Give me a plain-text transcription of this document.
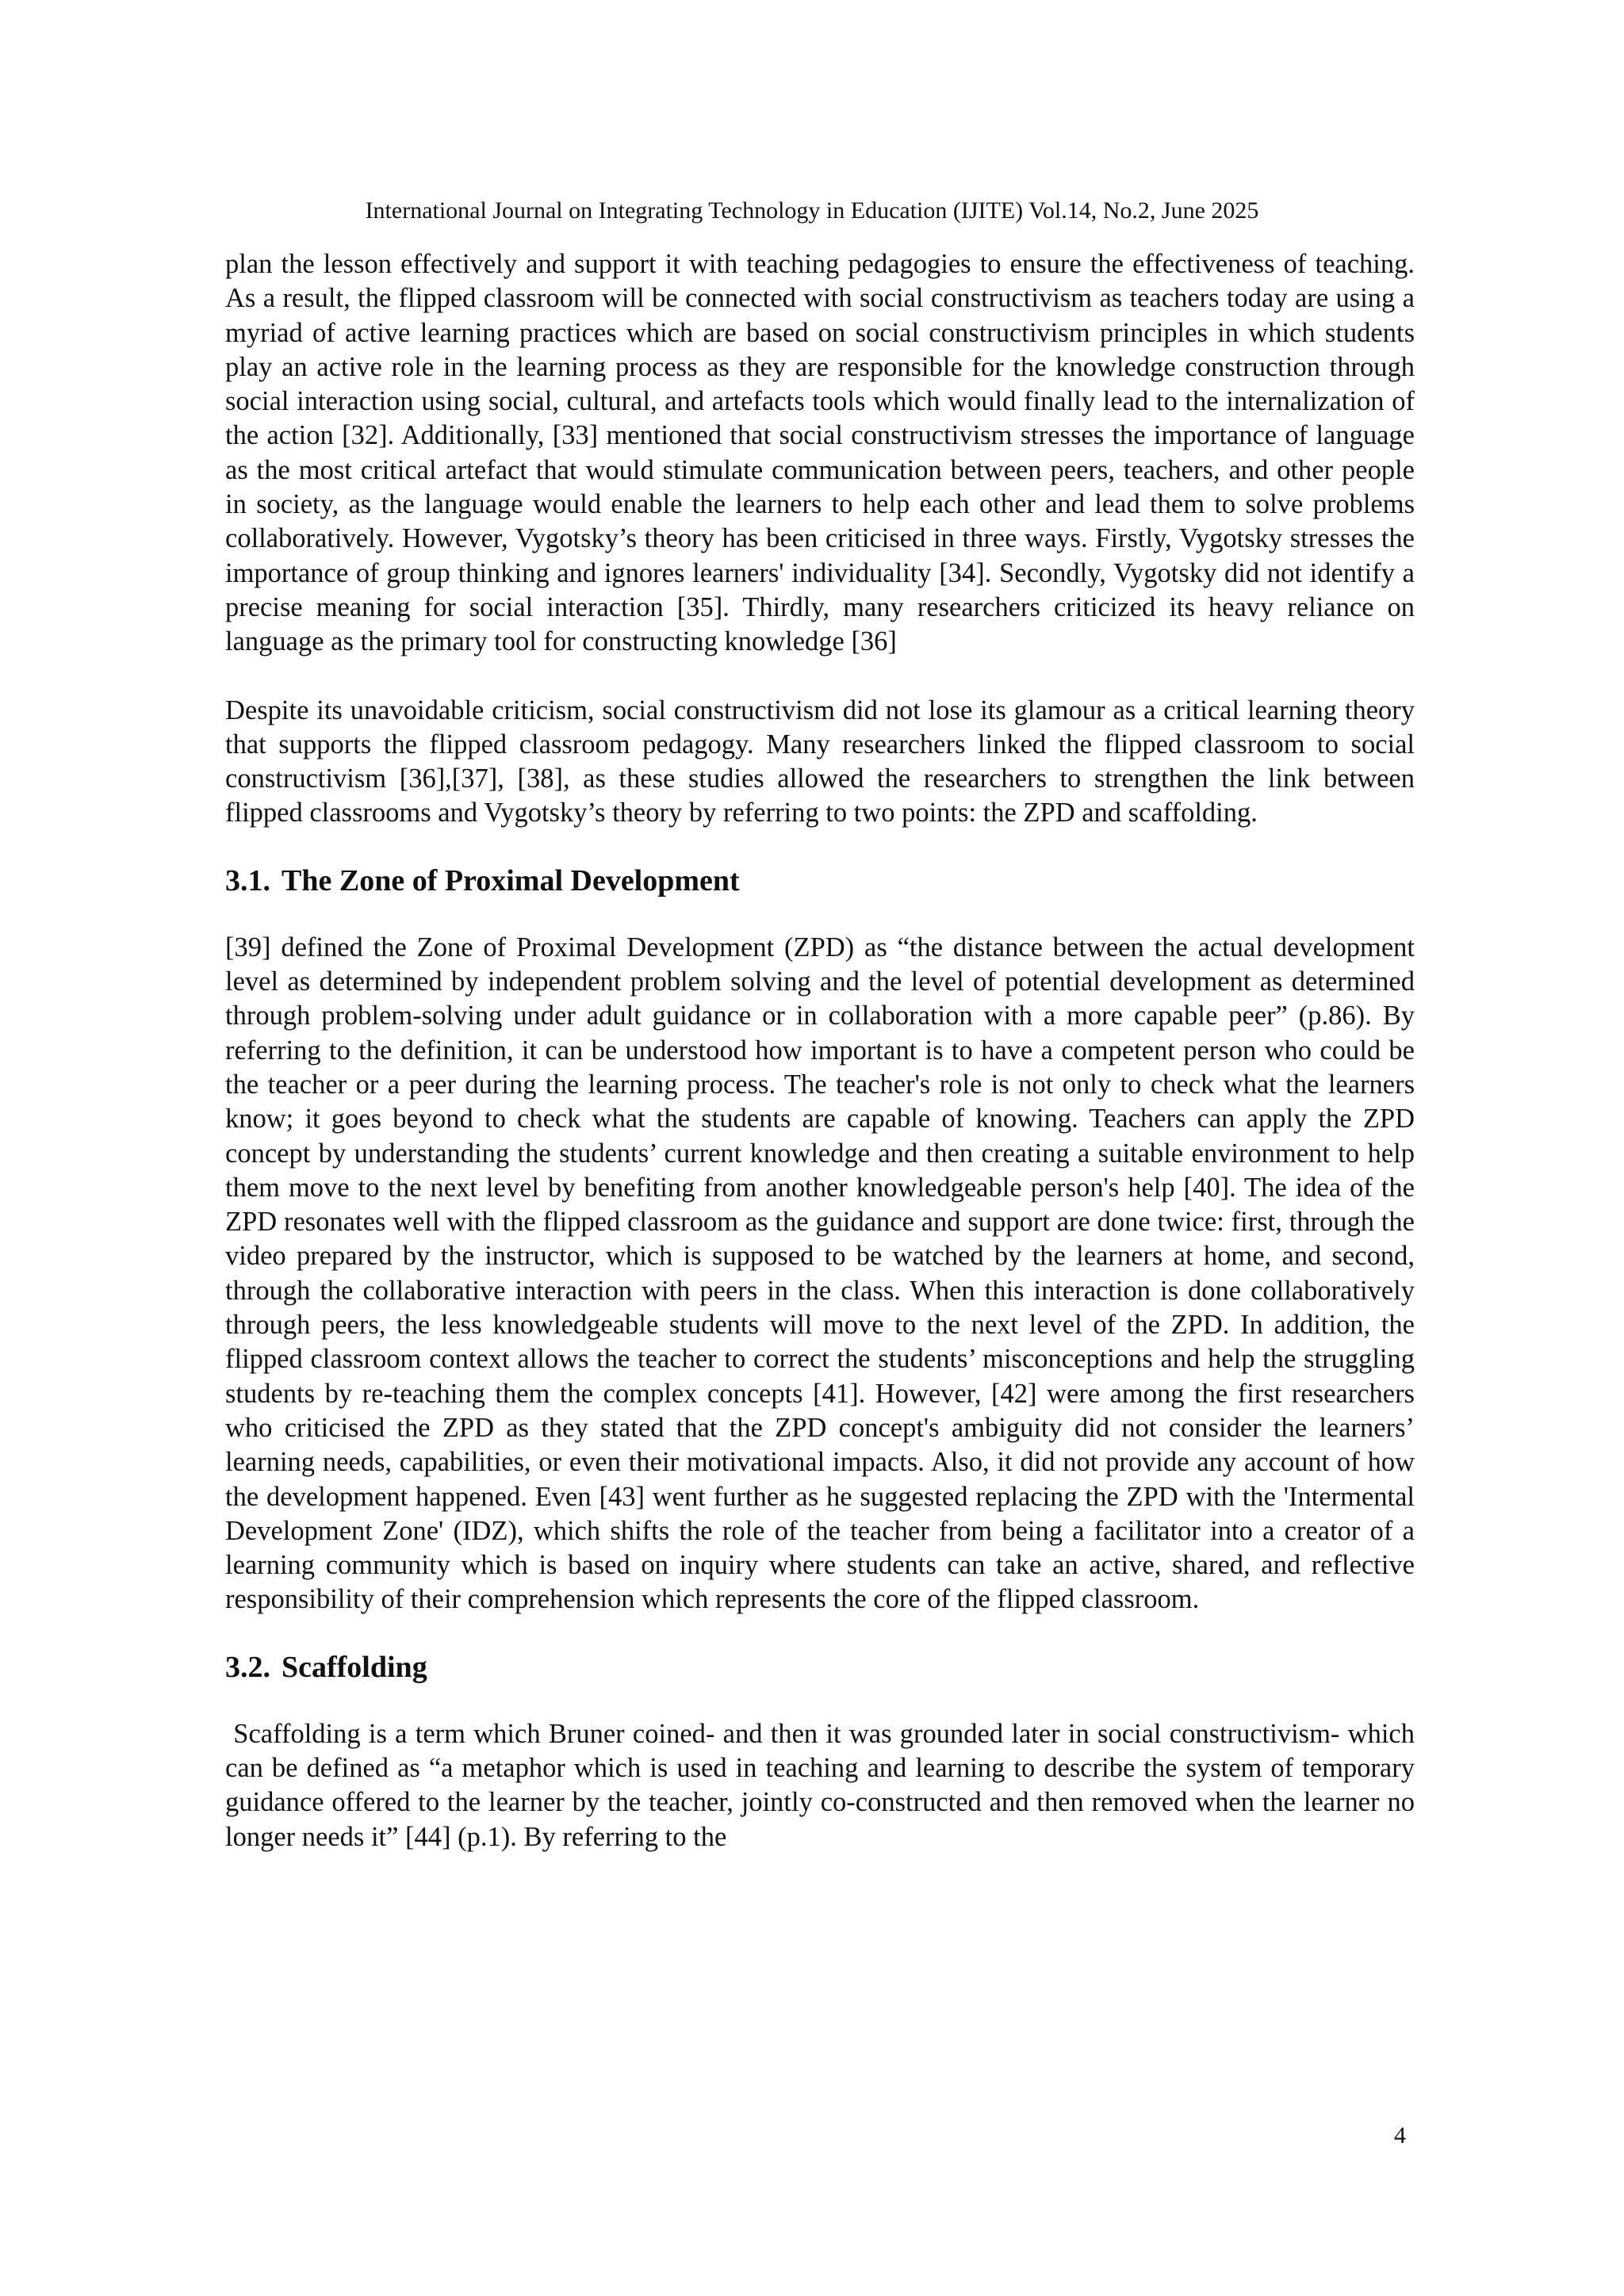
International Journal on Integrating Technology in Education (IJITE) Vol.14, No.2, June 2025

plan the lesson effectively and support it with teaching pedagogies to ensure the effectiveness of teaching. As a result, the flipped classroom will be connected with social constructivism as teachers today are using a myriad of active learning practices which are based on social constructivism principles in which students play an active role in the learning process as they are responsible for the knowledge construction through social interaction using social, cultural, and artefacts tools which would finally lead to the internalization of the action [32]. Additionally, [33] mentioned that social constructivism stresses the importance of language as the most critical artefact that would stimulate communication between peers, teachers, and other people in society, as the language would enable the learners to help each other and lead them to solve problems collaboratively. However, Vygotsky’s theory has been criticised in three ways. Firstly, Vygotsky stresses the importance of group thinking and ignores learners' individuality [34]. Secondly, Vygotsky did not identify a precise meaning for social interaction [35]. Thirdly, many researchers criticized its heavy reliance on language as the primary tool for constructing knowledge [36]

Despite its unavoidable criticism, social constructivism did not lose its glamour as a critical learning theory that supports the flipped classroom pedagogy. Many researchers linked the flipped classroom to social constructivism [36],[37], [38], as these studies allowed the researchers to strengthen the link between flipped classrooms and Vygotsky’s theory by referring to two points: the ZPD and scaffolding.

3.1. The Zone of Proximal Development

[39] defined the Zone of Proximal Development (ZPD) as “the distance between the actual development level as determined by independent problem solving and the level of potential development as determined through problem-solving under adult guidance or in collaboration with a more capable peer” (p.86). By referring to the definition, it can be understood how important is to have a competent person who could be the teacher or a peer during the learning process. The teacher's role is not only to check what the learners know; it goes beyond to check what the students are capable of knowing. Teachers can apply the ZPD concept by understanding the students’ current knowledge and then creating a suitable environment to help them move to the next level by benefiting from another knowledgeable person's help [40]. The idea of the ZPD resonates well with the flipped classroom as the guidance and support are done twice: first, through the video prepared by the instructor, which is supposed to be watched by the learners at home, and second, through the collaborative interaction with peers in the class. When this interaction is done collaboratively through peers, the less knowledgeable students will move to the next level of the ZPD. In addition, the flipped classroom context allows the teacher to correct the students’ misconceptions and help the struggling students by re-teaching them the complex concepts [41]. However, [42] were among the first researchers who criticised the ZPD as they stated that the ZPD concept's ambiguity did not consider the learners’ learning needs, capabilities, or even their motivational impacts. Also, it did not provide any account of how the development happened. Even [43] went further as he suggested replacing the ZPD with the 'Intermental Development Zone' (IDZ), which shifts the role of the teacher from being a facilitator into a creator of a learning community which is based on inquiry where students can take an active, shared, and reflective responsibility of their comprehension which represents the core of the flipped classroom.

3.2. Scaffolding

Scaffolding is a term which Bruner coined- and then it was grounded later in social constructivism- which can be defined as “a metaphor which is used in teaching and learning to describe the system of temporary guidance offered to the learner by the teacher, jointly co-constructed and then removed when the learner no longer needs it” [44] (p.1). By referring to the

4
